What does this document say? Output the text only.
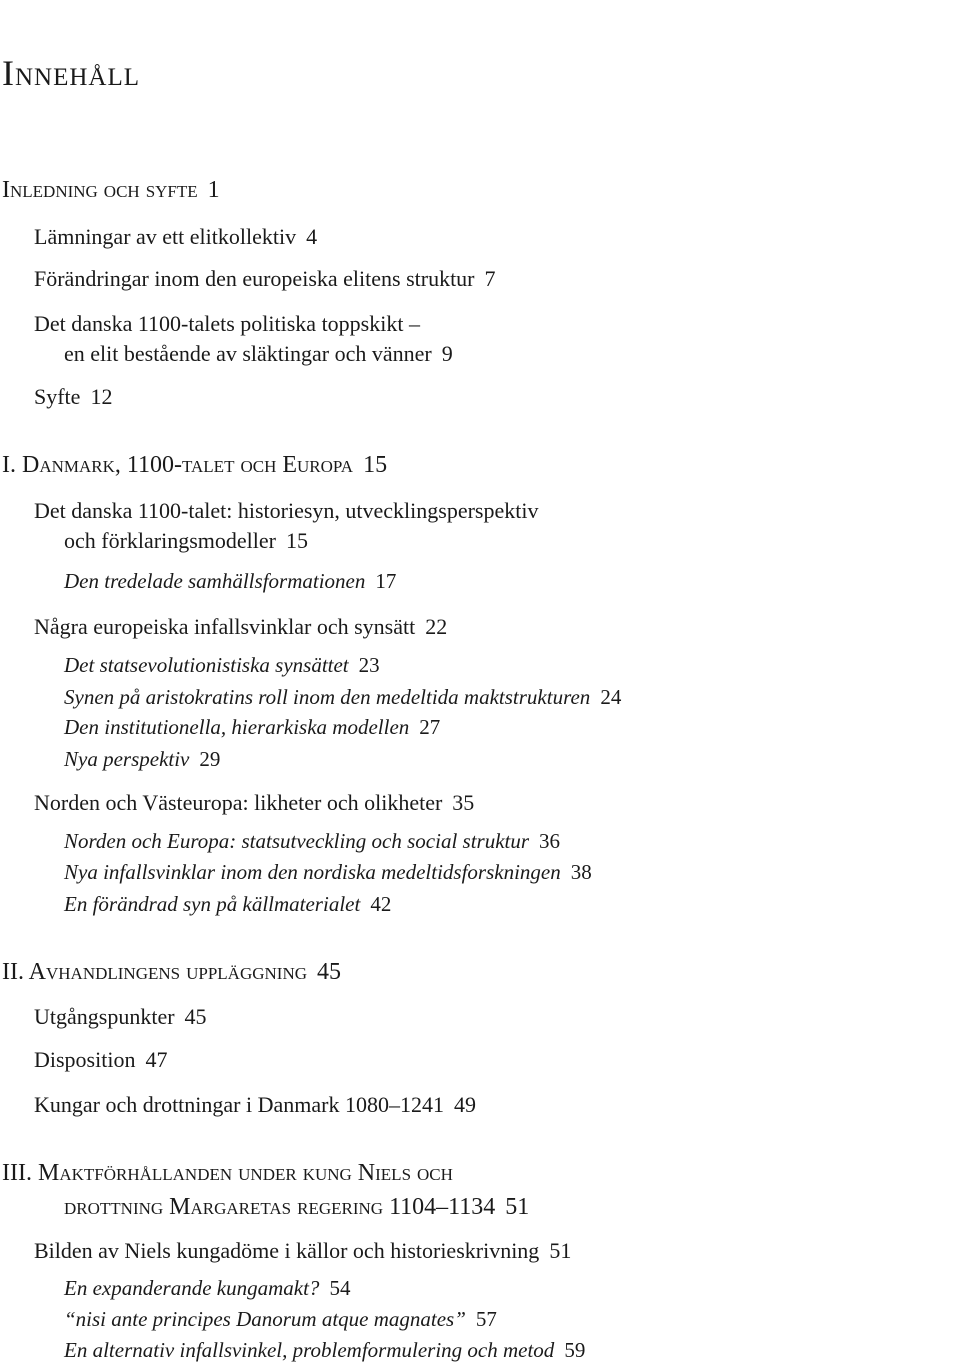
Innehåll
Inledning och syfte 1
Lämningar av ett elitkollektiv 4
Förändringar inom den europeiska elitens struktur 7
Det danska 1100-talets politiska toppskikt –
en elit bestående av släktingar och vänner 9
Syfte 12
I. Danmark, 1100-talet och Europa 15
Det danska 1100-talet: historiesyn, utvecklingsperspektiv
och förklaringsmodeller 15
Den tredelade samhällsformationen 17
Några europeiska infallsvinklar och synsätt 22
Det statsevolutionistiska synsättet 23
Synen på aristokratins roll inom den medeltida maktstrukturen 24
Den institutionella, hierarkiska modellen 27
Nya perspektiv 29
Norden och Västeuropa: likheter och olikheter 35
Norden och Europa: statsutveckling och social struktur 36
Nya infallsvinklar inom den nordiska medeltidsforskningen 38
En förändrad syn på källmaterialet 42
II. Avhandlingens uppläggning 45
Utgångspunkter 45
Disposition 47
Kungar och drottningar i Danmark 1080–1241 49
III. Maktförhållanden under kung Niels och
drottning Margaretas regering 1104–1134 51
Bilden av Niels kungadöme i källor och historieskrivning 51
En expanderande kungamakt? 54
“nisi ante principes Danorum atque magnates” 57
En alternativ infallsvinkel, problemformulering och metod 59
